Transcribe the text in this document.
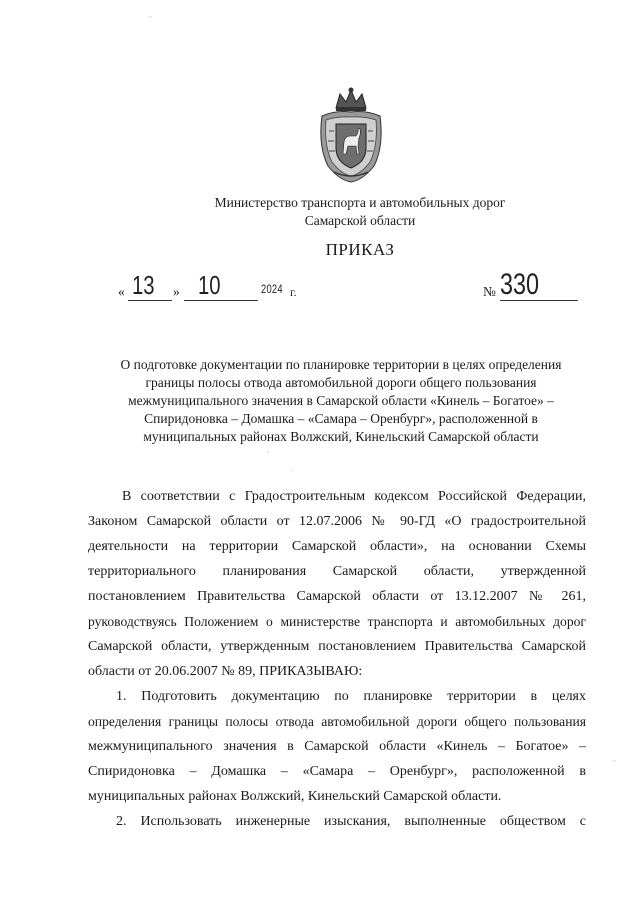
Министерство транспорта и автомобильных дорог
Самарской области
ПРИКАЗ
« 13 » 10	2024 г.	№ 330
О подготовке документации по планировке территории в целях определения
границы полосы отвода автомобильной дороги общего пользования
межмуниципального значения в Самарской области «Кинель – Богатое» –
Спиридоновка – Домашка – «Самара – Оренбург», расположенной в
муниципальных районах Волжский, Кинельский Самарской области
В соответствии с Градостроительным кодексом Российской Федерации,
Законом Самарской области от 12.07.2006 № 90-ГД «О градостроительной
деятельности на территории Самарской области», на основании Схемы
территориального планирования Самарской области, утвержденной
постановлением Правительства Самарской области от 13.12.2007 № 261,
руководствуясь Положением о министерстве транспорта и автомобильных дорог
Самарской области, утвержденным постановлением Правительства Самарской
области от 20.06.2007 № 89, ПРИКАЗЫВАЮ:
1. Подготовить документацию по планировке территории в целях
определения границы полосы отвода автомобильной дороги общего пользования
межмуниципального значения в Самарской области «Кинель – Богатое» –
Спиридоновка – Домашка – «Самара – Оренбург», расположенной в
муниципальных районах Волжский, Кинельский Самарской области.
2. Использовать инженерные изыскания, выполненные обществом с
